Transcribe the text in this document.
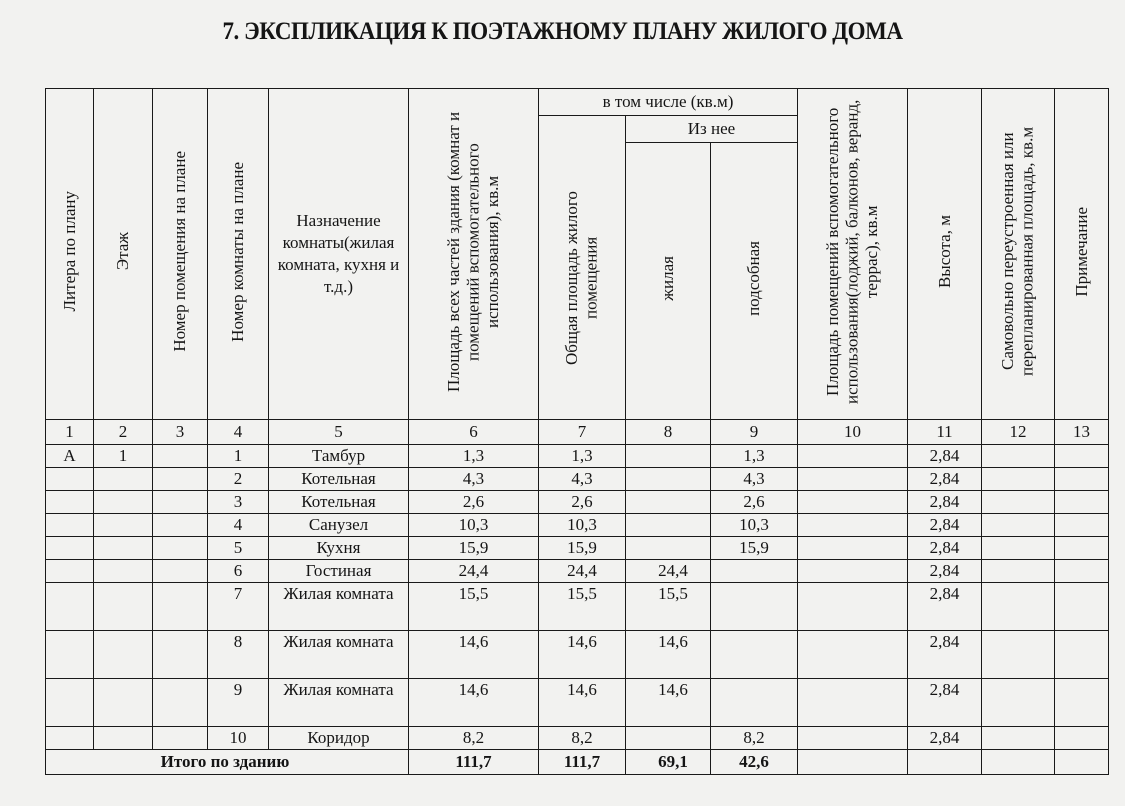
7. ЭКСПЛИКАЦИЯ К ПОЭТАЖНОМУ ПЛАНУ ЖИЛОГО ДОМА
Литера по плану	Этаж	Номер помещения на плане	Номер комнаты на плане	Назначение комнаты(жилая комната, кухня и т.д.)	Площадь всех частей здания (комнат и помещений вспомогательного использования), кв.м	в том числе (кв.м)			Площадь помещений вспомогательного использования(лоджий, балконов, веранд, террас), кв.м	Высота, м	Самовольно переустроенная или перепланированная площадь, кв.м	Примечание
						Общая площадь жилого помещения	Из нее					
							жилая	подсобная				
1	2	3	4	5	6	7	8	9	10	11	12	13
А	1		1	Тамбур	1,3	1,3		1,3		2,84		
			2	Котельная	4,3	4,3		4,3		2,84		
			3	Котельная	2,6	2,6		2,6		2,84		
			4	Санузел	10,3	10,3		10,3		2,84		
			5	Кухня	15,9	15,9		15,9		2,84		
			6	Гостиная	24,4	24,4	24,4			2,84		
			7	Жилая комната	15,5	15,5	15,5			2,84		
			8	Жилая комната	14,6	14,6	14,6			2,84		
			9	Жилая комната	14,6	14,6	14,6			2,84		
			10	Коридор	8,2	8,2		8,2		2,84		
Итого по зданию					111,7	111,7	69,1	42,6				
